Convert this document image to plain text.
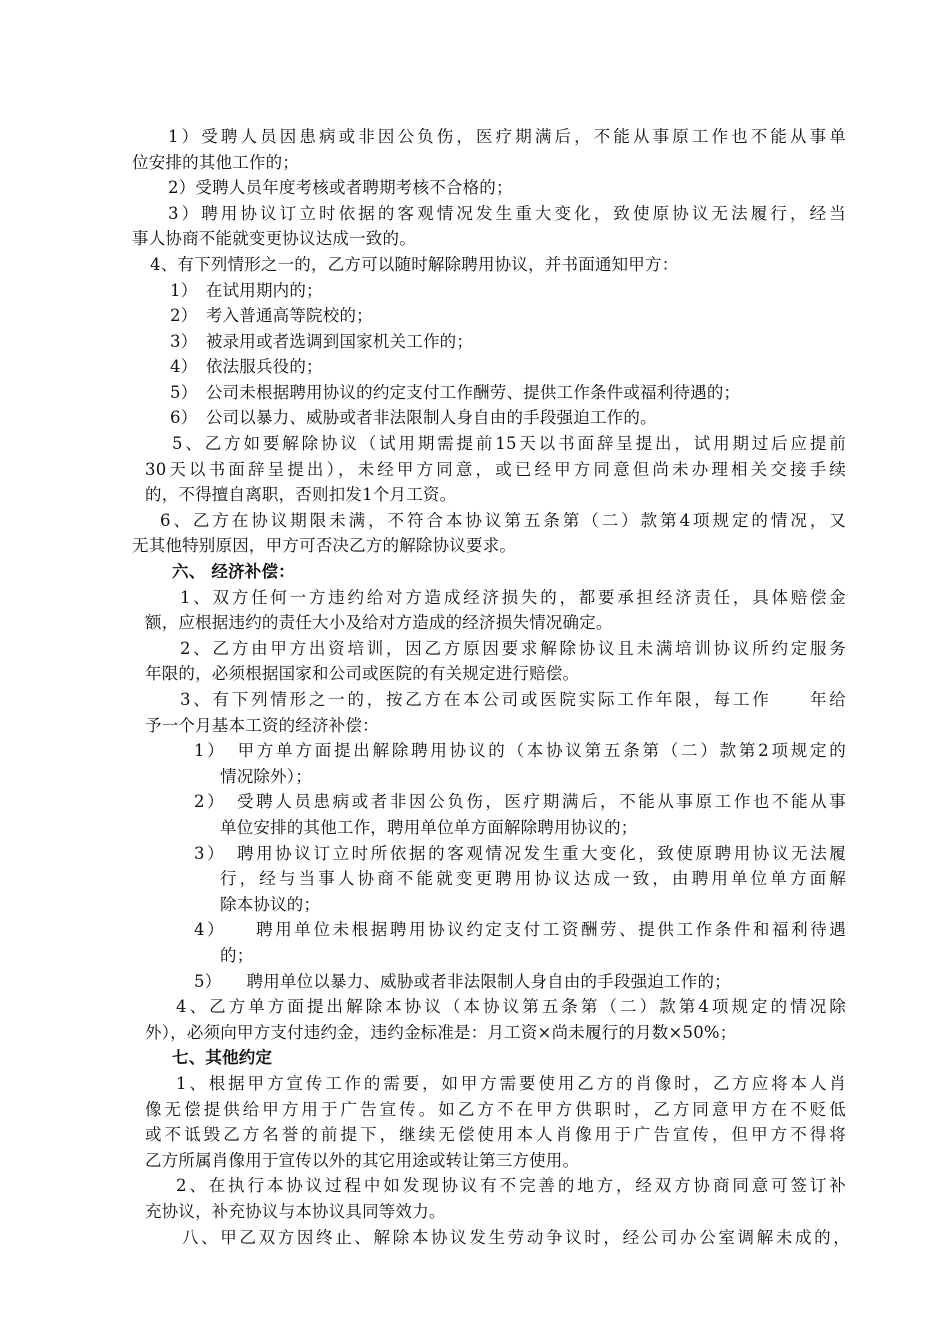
1）受聘人员因患病或非因公负伤，医疗期满后，不能从事原工作也不能从事单
位安排的其他工作的；
2）受聘人员年度考核或者聘期考核不合格的；
3）聘用协议订立时依据的客观情况发生重大变化，致使原协议无法履行，经当
事人协商不能就变更协议达成一致的。
4、有下列情形之一的，乙方可以随时解除聘用协议，并书面通知甲方：
1）　在试用期内的；
2）　考入普通高等院校的；
3）　被录用或者选调到国家机关工作的；
4）　依法服兵役的；
5）　公司未根据聘用协议的约定支付工作酬劳、提供工作条件或福利待遇的；
6）　公司以暴力、威胁或者非法限制人身自由的手段强迫工作的。
5、乙方如要解除协议（试用期需提前15天以书面辞呈提出，试用期过后应提前
30天以书面辞呈提出），未经甲方同意，或已经甲方同意但尚未办理相关交接手续
的，不得擅自离职，否则扣发1个月工资。
6、乙方在协议期限未满，不符合本协议第五条第（二）款第4项规定的情况，又
无其他特别原因，甲方可否决乙方的解除协议要求。
六、 经济补偿：
1、双方任何一方违约给对方造成经济损失的，都要承担经济责任，具体赔偿金
额，应根据违约的责任大小及给对方造成的经济损失情况确定。
2、乙方由甲方出资培训，因乙方原因要求解除协议且未满培训协议所约定服务
年限的，必须根据国家和公司或医院的有关规定进行赔偿。
3、有下列情形之一的，按乙方在本公司或医院实际工作年限，每工作　　年给
予一个月基本工资的经济补偿：
1）　甲方单方面提出解除聘用协议的（本协议第五条第（二）款第2项规定的
情况除外）；
2）　受聘人员患病或者非因公负伤，医疗期满后，不能从事原工作也不能从事
单位安排的其他工作，聘用单位单方面解除聘用协议的；
3）　聘用协议订立时所依据的客观情况发生重大变化，致使原聘用协议无法履
行，经与当事人协商不能就变更聘用协议达成一致，由聘用单位单方面解
除本协议的；
4）　　聘用单位未根据聘用协议约定支付工资酬劳、提供工作条件和福利待遇
的；
5）　　聘用单位以暴力、威胁或者非法限制人身自由的手段强迫工作的；
4、乙方单方面提出解除本协议（本协议第五条第（二）款第4项规定的情况除
外），必须向甲方支付违约金，违约金标准是：月工资×尚未履行的月数×50%；
七、其他约定
1、根据甲方宣传工作的需要，如甲方需要使用乙方的肖像时，乙方应将本人肖
像无偿提供给甲方用于广告宣传。如乙方不在甲方供职时，乙方同意甲方在不贬低
或不诋毁乙方名誉的前提下，继续无偿使用本人肖像用于广告宣传，但甲方不得将
乙方所属肖像用于宣传以外的其它用途或转让第三方使用。
2、在执行本协议过程中如发现协议有不完善的地方，经双方协商同意可签订补
充协议，补充协议与本协议具同等效力。
八、甲乙双方因终止、解除本协议发生劳动争议时，经公司办公室调解未成的，
